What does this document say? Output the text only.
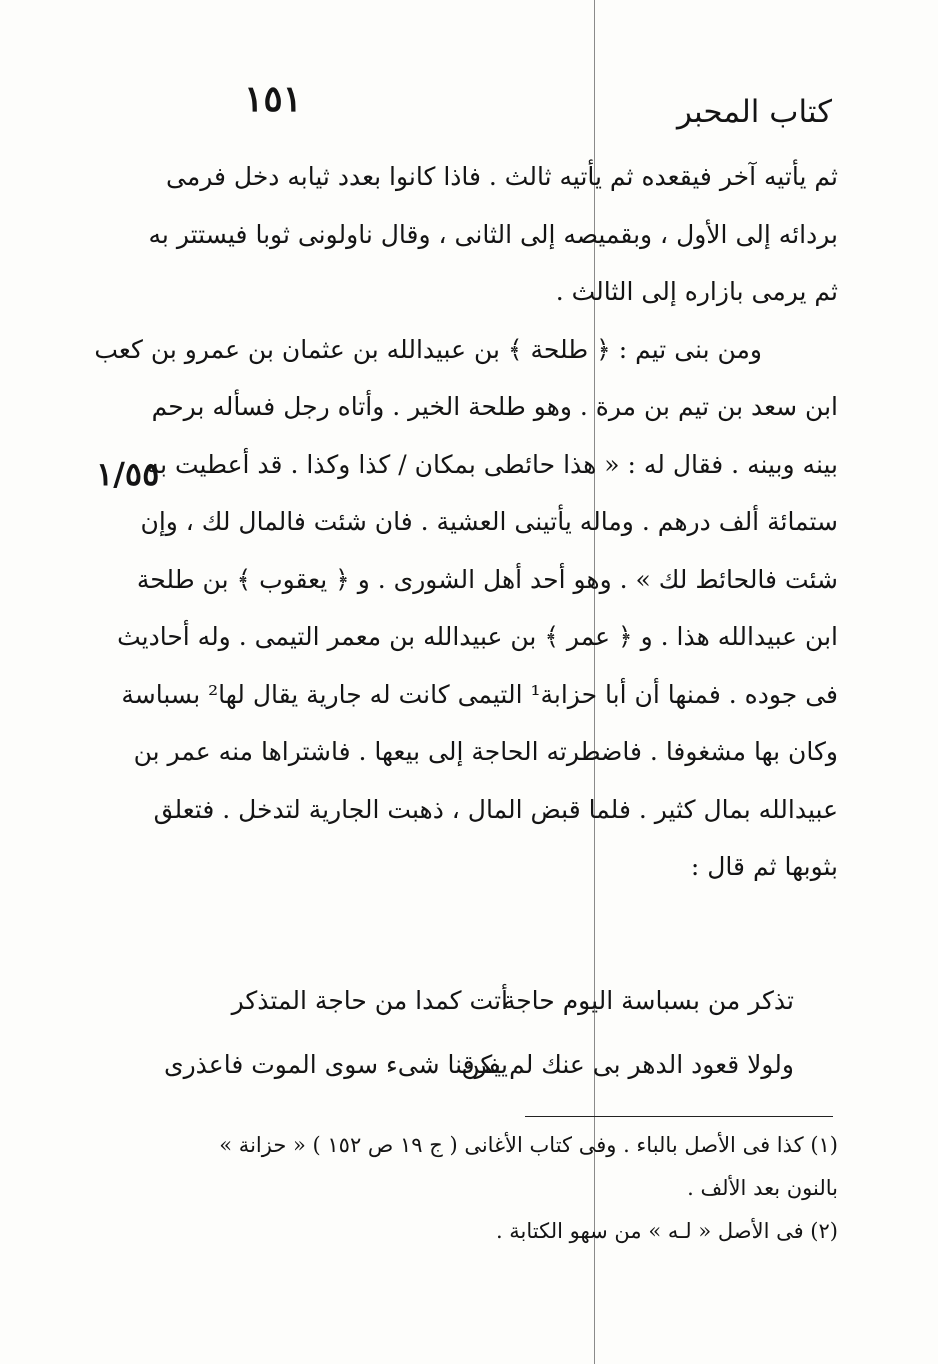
١٥١	كتاب المحبر
١/٥٥
ثم يأتيه آخر فيقعده ثم يأتيه ثالث . فاذا كانوا بعدد ثيابه دخل فرمى
بردائه إلى الأول ، وبقميصه إلى الثانى ، وقال ناولونى ثوبا فيستتر به
ثم يرمى بازاره إلى الثالث .
ومن بنى تيم : ﴿ طلحة ﴾ بن عبيدالله بن عثمان بن عمرو بن كعب
ابن سعد بن تيم بن مرة . وهو طلحة الخير . وأتاه رجل فسأله برحم
بينه وبينه . فقال له : « هذا حائطى بمكان / كذا وكذا . قد أعطيت به
ستمائة ألف درهم . وماله يأتينى العشية . فان شئت فالمال لك ، وإن
شئت فالحائط لك » . وهو أحد أهل الشورى . و ﴿ يعقوب ﴾ بن طلحة
ابن عبيدالله هذا . و ﴿ عمر ﴾ بن عبيدالله بن معمر التيمى . وله أحاديث
فى جوده . فمنها أن أبا حزابة¹ التيمى كانت له جارية يقال لها² بسباسة
وكان بها مشغوفا . فاضطرته الحاجة إلى بيعها . فاشتراها منه عمر بن
عبيدالله بمال كثير . فلما قبض المال ، ذهبت الجارية لتدخل . فتعلق
بثوبها ثم قال :
تذكر من بسباسة اليوم حاجة
أتت كمدا من حاجة المتذكر
ولولا قعود الدهر بى عنك لم يكن
يفرقنا شىء سوى الموت فاعذرى
(١) كذا فى الأصل بالباء . وفى كتاب الأغانى ( ج ١٩ ص ١٥٢ ) « حزانة »
بالنون بعد الألف .
(٢) فى الأصل « لـه » من سهو الكتابة .
